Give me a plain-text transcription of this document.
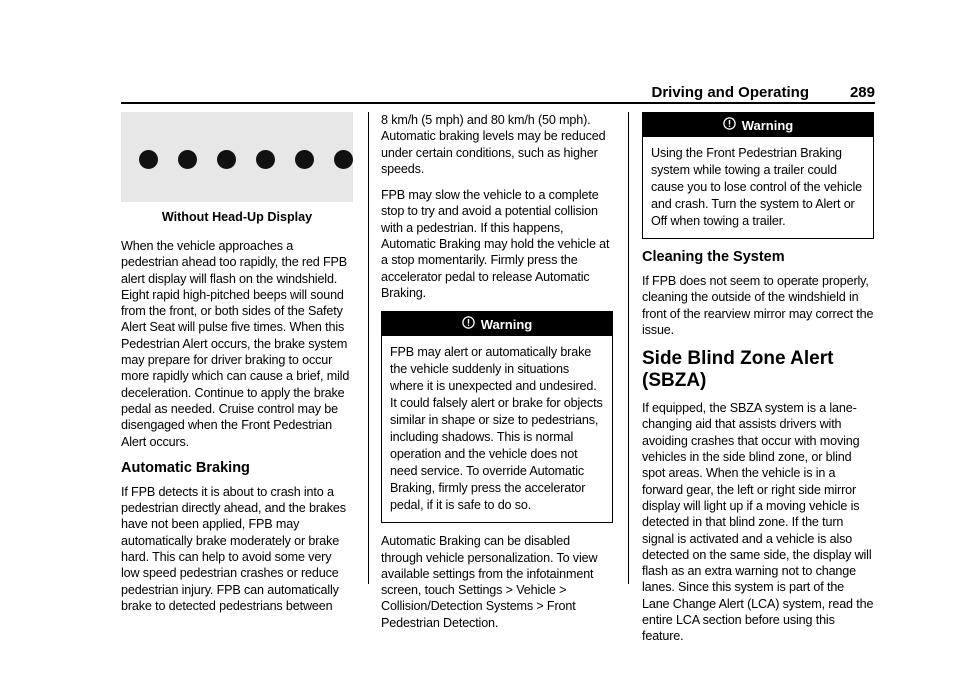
Driving and Operating	289
Without Head-Up Display

When the vehicle approaches a pedestrian ahead too rapidly, the red FPB alert display will flash on the windshield. Eight rapid high-pitched beeps will sound from the front, or both sides of the Safety Alert Seat will pulse five times. When this Pedestrian Alert occurs, the brake system may prepare for driver braking to occur more rapidly which can cause a brief, mild deceleration. Continue to apply the brake pedal as needed. Cruise control may be disengaged when the Front Pedestrian Alert occurs.

Automatic Braking

If FPB detects it is about to crash into a pedestrian directly ahead, and the brakes have not been applied, FPB may automatically brake moderately or brake hard. This can help to avoid some very low speed pedestrian crashes or reduce pedestrian injury. FPB can automatically brake to detected pedestrians between

8 km/h (5 mph) and 80 km/h (50 mph). Automatic braking levels may be reduced under certain conditions, such as higher speeds.

FPB may slow the vehicle to a complete stop to try and avoid a potential collision with a pedestrian. If this happens, Automatic Braking may hold the vehicle at a stop momentarily. Firmly press the accelerator pedal to release Automatic Braking.

Warning

FPB may alert or automatically brake the vehicle suddenly in situations where it is unexpected and undesired. It could falsely alert or brake for objects similar in shape or size to pedestrians, including shadows. This is normal operation and the vehicle does not need service. To override Automatic Braking, firmly press the accelerator pedal, if it is safe to do so.

Automatic Braking can be disabled through vehicle personalization. To view available settings from the infotainment screen, touch Settings > Vehicle > Collision/Detection Systems > Front Pedestrian Detection.

Warning

Using the Front Pedestrian Braking system while towing a trailer could cause you to lose control of the vehicle and crash. Turn the system to Alert or Off when towing a trailer.

Cleaning the System

If FPB does not seem to operate properly, cleaning the outside of the windshield in front of the rearview mirror may correct the issue.

Side Blind Zone Alert (SBZA)

If equipped, the SBZA system is a lane-changing aid that assists drivers with avoiding crashes that occur with moving vehicles in the side blind zone, or blind spot areas. When the vehicle is in a forward gear, the left or right side mirror display will light up if a moving vehicle is detected in that blind zone. If the turn signal is activated and a vehicle is also detected on the same side, the display will flash as an extra warning not to change lanes. Since this system is part of the Lane Change Alert (LCA) system, read the entire LCA section before using this feature.
